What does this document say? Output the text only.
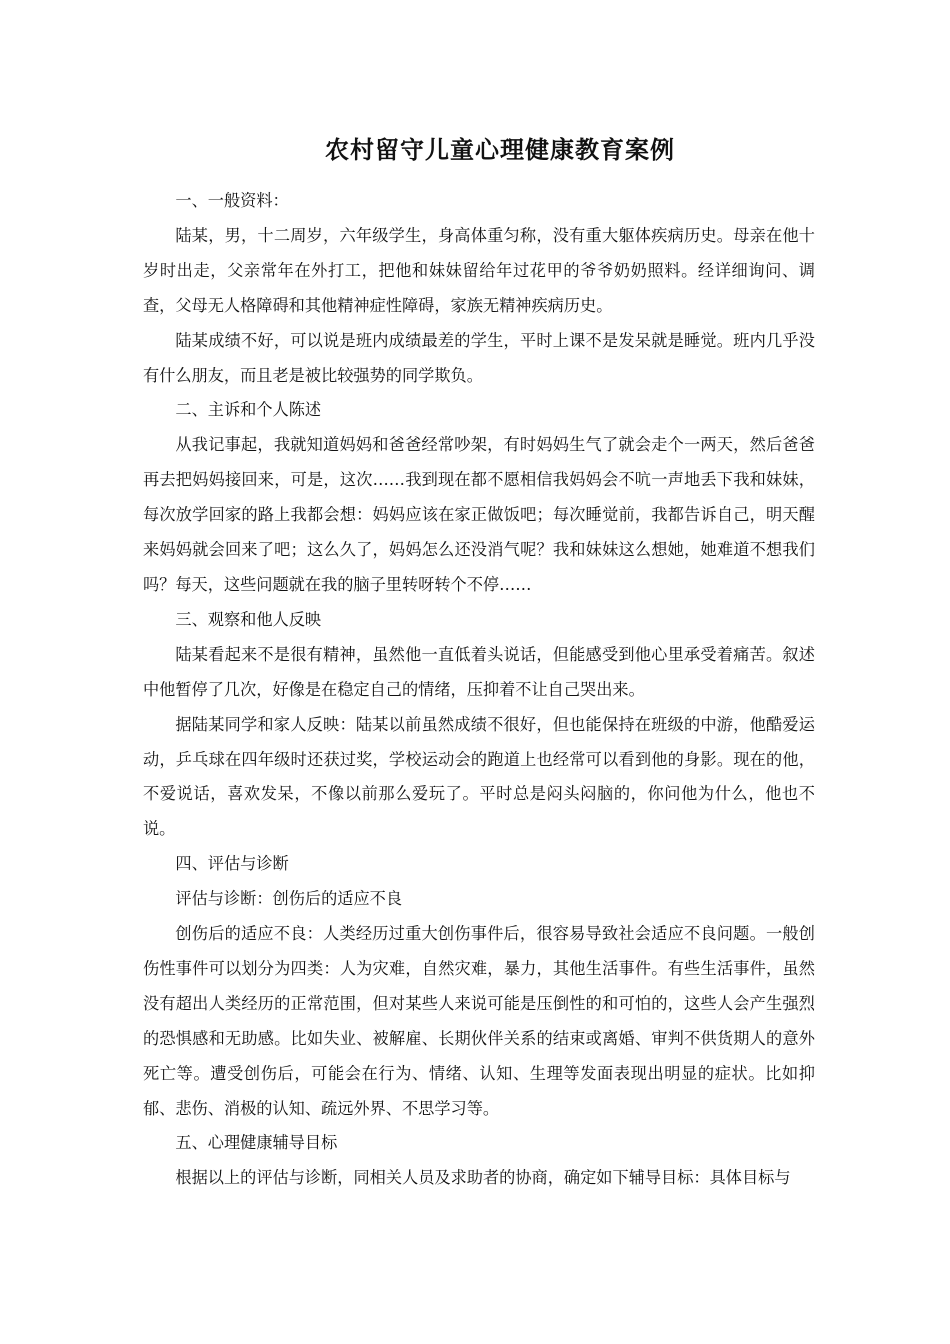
农村留守儿童心理健康教育案例

一、一般资料：

陆某，男，十二周岁，六年级学生，身高体重匀称，没有重大躯体疾病历史。母亲在他十岁时出走，父亲常年在外打工，把他和妹妹留给年过花甲的爷爷奶奶照料。经详细询问、调查，父母无人格障碍和其他精神症性障碍，家族无精神疾病历史。

陆某成绩不好，可以说是班内成绩最差的学生，平时上课不是发呆就是睡觉。班内几乎没有什么朋友，而且老是被比较强势的同学欺负。

二、主诉和个人陈述

从我记事起，我就知道妈妈和爸爸经常吵架，有时妈妈生气了就会走个一两天，然后爸爸再去把妈妈接回来，可是，这次……我到现在都不愿相信我妈妈会不吭一声地丢下我和妹妹，每次放学回家的路上我都会想：妈妈应该在家正做饭吧；每次睡觉前，我都告诉自己，明天醒来妈妈就会回来了吧；这么久了，妈妈怎么还没消气呢？我和妹妹这么想她，她难道不想我们吗？每天，这些问题就在我的脑子里转呀转个不停……

三、观察和他人反映

陆某看起来不是很有精神，虽然他一直低着头说话，但能感受到他心里承受着痛苦。叙述中他暂停了几次，好像是在稳定自己的情绪，压抑着不让自己哭出来。

据陆某同学和家人反映：陆某以前虽然成绩不很好，但也能保持在班级的中游，他酷爱运动，乒乓球在四年级时还获过奖，学校运动会的跑道上也经常可以看到他的身影。现在的他，不爱说话，喜欢发呆，不像以前那么爱玩了。平时总是闷头闷脑的，你问他为什么，他也不说。

四、评估与诊断

评估与诊断：创伤后的适应不良

创伤后的适应不良：人类经历过重大创伤事件后，很容易导致社会适应不良问题。一般创伤性事件可以划分为四类：人为灾难，自然灾难，暴力，其他生活事件。有些生活事件，虽然没有超出人类经历的正常范围，但对某些人来说可能是压倒性的和可怕的，这些人会产生强烈的恐惧感和无助感。比如失业、被解雇、长期伙伴关系的结束或离婚、审判不供货期人的意外死亡等。遭受创伤后，可能会在行为、情绪、认知、生理等发面表现出明显的症状。比如抑郁、悲伤、消极的认知、疏远外界、不思学习等。

五、心理健康辅导目标

根据以上的评估与诊断，同相关人员及求助者的协商，确定如下辅导目标：具体目标与
